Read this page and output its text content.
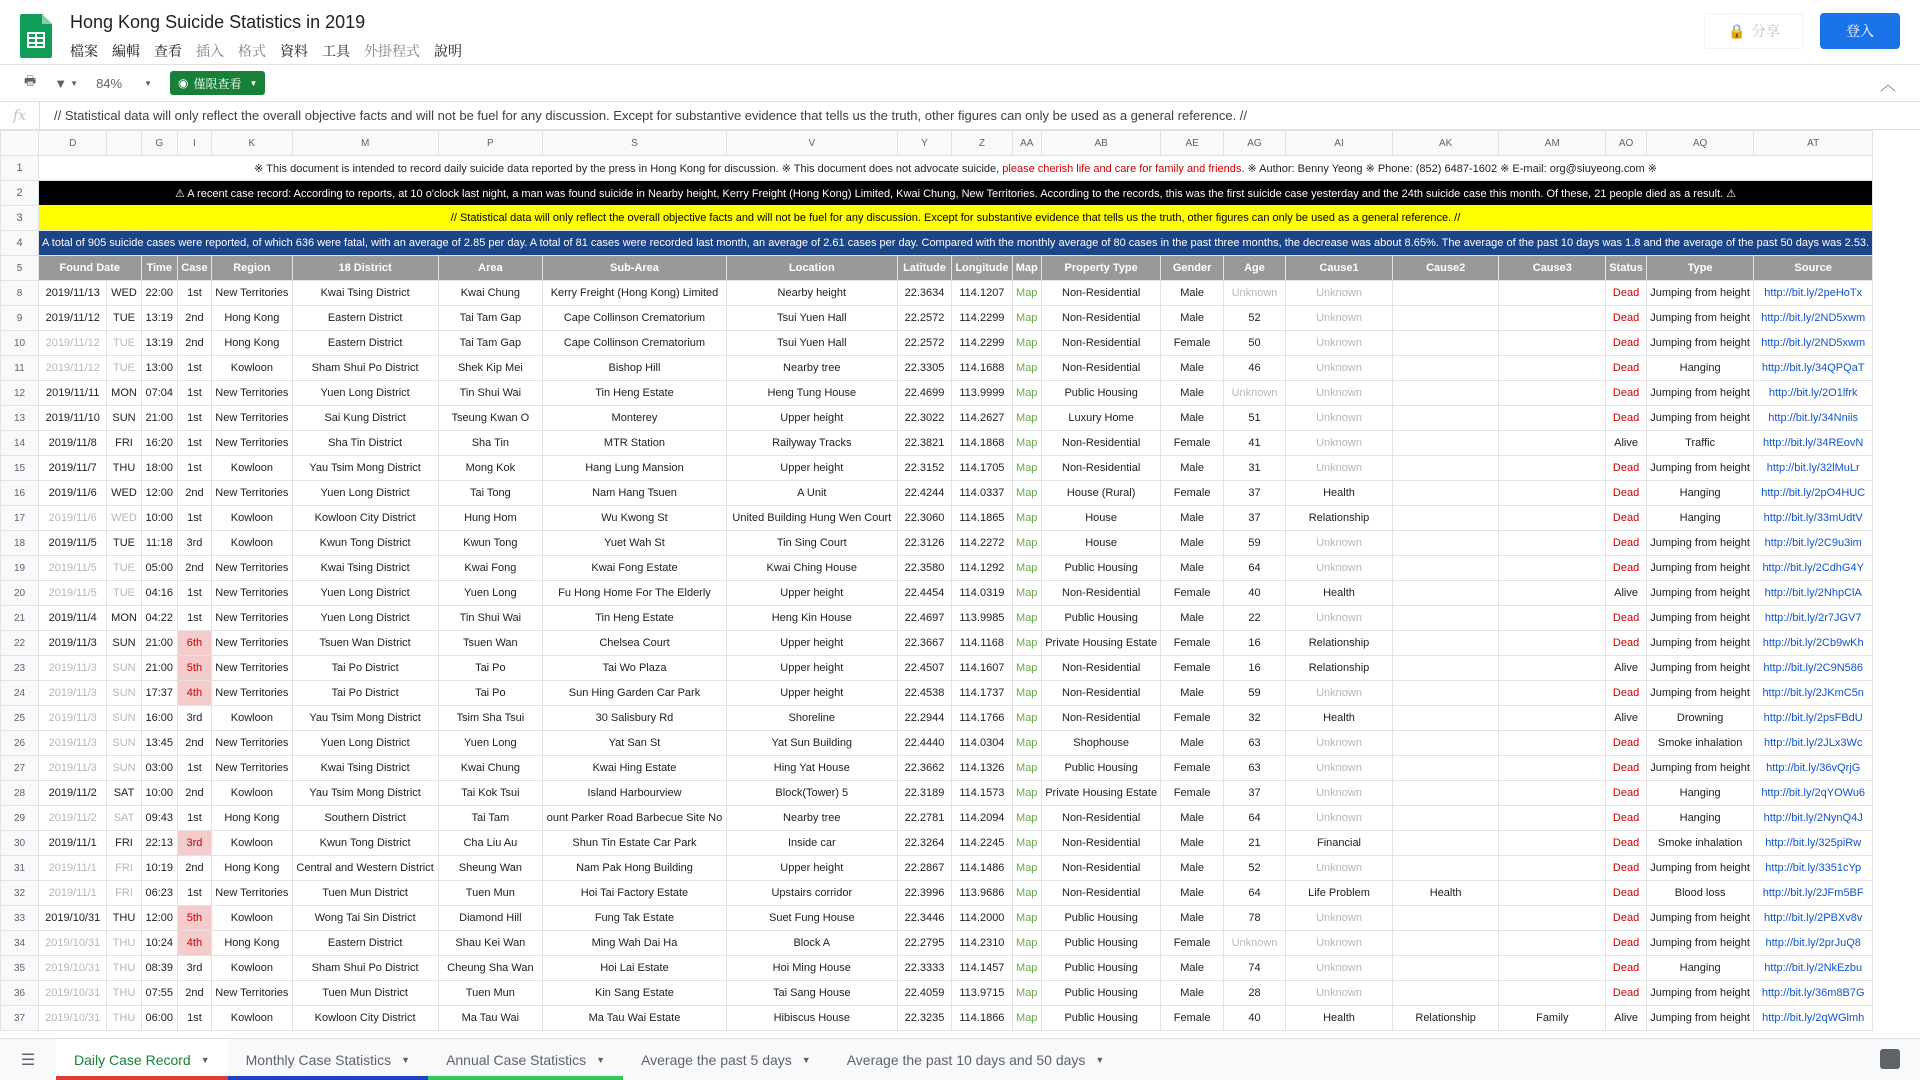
Hong Kong Suicide Statistics in 2019
檔案 編輯 查看 插入 格式 資料 工具 外掛程式 說明
🔒 分享	登入
🖶 ▼ ▼ 84%	▼ ◉ 僅限查看 ▼	︿
fx	// Statistical data will only reflect the overall objective facts and will not be fuel for any discussion. Except for substantive evidence that tells us the truth, other figures can only be used as a general reference. //
	D		G	I	K	M	P	S	V	Y	Z	AA	AB	AE	AG	AI	AK	AM	AO	AQ	AT
1	※ This document is intended to record daily suicide data reported by the press in Hong Kong for discussion. ※ This document does not advocate suicide, please cherish life and care for family and friends. ※ Author: Benny Yeong ※ Phone: (852) 6487-1602 ※ E-mail: org@siuyeong.com ※																				
2	⚠ A recent case record: According to reports, at 10 o'clock last night, a man was found suicide in Nearby height, Kerry Freight (Hong Kong) Limited, Kwai Chung, New Territories. According to the records, this was the first suicide case yesterday and the 24th suicide case this month. Of these, 21 people died as a result. ⚠																				
3	// Statistical data will only reflect the overall objective facts and will not be fuel for any discussion. Except for substantive evidence that tells us the truth, other figures can only be used as a general reference. //																				
4	A total of 905 suicide cases were reported, of which 636 were fatal, with an average of 2.85 per day. A total of 81 cases were recorded last month, an average of 2.61 cases per day. Compared with the monthly average of 80 cases in the past three months, the decrease was about 8.65%. The average of the past 10 days was 1.8 and the average of the past 50 days was 2.53.																				
5	Found Date		Time	Case	Region	18 District	Area	Sub-Area	Location	Latitude	Longitude	Map	Property Type	Gender	Age	Cause1	Cause2	Cause3	Status	Type	Source
8	2019/11/13	WED	22:00	1st	New Territories	Kwai Tsing District	Kwai Chung	Kerry Freight (Hong Kong) Limited	Nearby height	22.3634	114.1207	Map	Non-Residential	Male	Unknown	Unknown			Dead	Jumping from height	http://bit.ly/2peHoTx
9	2019/11/12	TUE	13:19	2nd	Hong Kong	Eastern District	Tai Tam Gap	Cape Collinson Crematorium	Tsui Yuen Hall	22.2572	114.2299	Map	Non-Residential	Male	52	Unknown			Dead	Jumping from height	http://bit.ly/2ND5xwm
10	2019/11/12	TUE	13:19	2nd	Hong Kong	Eastern District	Tai Tam Gap	Cape Collinson Crematorium	Tsui Yuen Hall	22.2572	114.2299	Map	Non-Residential	Female	50	Unknown			Dead	Jumping from height	http://bit.ly/2ND5xwm
11	2019/11/12	TUE	13:00	1st	Kowloon	Sham Shui Po District	Shek Kip Mei	Bishop Hill	Nearby tree	22.3305	114.1688	Map	Non-Residential	Male	46	Unknown			Dead	Hanging	http://bit.ly/34QPQaT
12	2019/11/11	MON	07:04	1st	New Territories	Yuen Long District	Tin Shui Wai	Tin Heng Estate	Heng Tung House	22.4699	113.9999	Map	Public Housing	Male	Unknown	Unknown			Dead	Jumping from height	http://bit.ly/2O1lfrk
13	2019/11/10	SUN	21:00	1st	New Territories	Sai Kung District	Tseung Kwan O	Monterey	Upper height	22.3022	114.2627	Map	Luxury Home	Male	51	Unknown			Dead	Jumping from height	http://bit.ly/34Nniis
14	2019/11/8	FRI	16:20	1st	New Territories	Sha Tin District	Sha Tin	MTR Station	Railyway Tracks	22.3821	114.1868	Map	Non-Residential	Female	41	Unknown			Alive	Traffic	http://bit.ly/34REovN
15	2019/11/7	THU	18:00	1st	Kowloon	Yau Tsim Mong District	Mong Kok	Hang Lung Mansion	Upper height	22.3152	114.1705	Map	Non-Residential	Male	31	Unknown			Dead	Jumping from height	http://bit.ly/32lMuLr
16	2019/11/6	WED	12:00	2nd	New Territories	Yuen Long District	Tai Tong	Nam Hang Tsuen	A Unit	22.4244	114.0337	Map	House (Rural)	Female	37	Health			Dead	Hanging	http://bit.ly/2pO4HUC
17	2019/11/6	WED	10:00	1st	Kowloon	Kowloon City District	Hung Hom	Wu Kwong St	United Building Hung Wen Court	22.3060	114.1865	Map	House	Male	37	Relationship			Dead	Hanging	http://bit.ly/33mUdtV
18	2019/11/5	TUE	11:18	3rd	Kowloon	Kwun Tong District	Kwun Tong	Yuet Wah St	Tin Sing Court	22.3126	114.2272	Map	House	Male	59	Unknown			Dead	Jumping from height	http://bit.ly/2C9u3im
19	2019/11/5	TUE	05:00	2nd	New Territories	Kwai Tsing District	Kwai Fong	Kwai Fong Estate	Kwai Ching House	22.3580	114.1292	Map	Public Housing	Male	64	Unknown			Dead	Jumping from height	http://bit.ly/2CdhG4Y
20	2019/11/5	TUE	04:16	1st	New Territories	Yuen Long District	Yuen Long	Fu Hong Home For The Elderly	Upper height	22.4454	114.0319	Map	Non-Residential	Female	40	Health			Alive	Jumping from height	http://bit.ly/2NhpClA
21	2019/11/4	MON	04:22	1st	New Territories	Yuen Long District	Tin Shui Wai	Tin Heng Estate	Heng Kin House	22.4697	113.9985	Map	Public Housing	Male	22	Unknown			Dead	Jumping from height	http://bit.ly/2r7JGV7
22	2019/11/3	SUN	21:00	6th	New Territories	Tsuen Wan District	Tsuen Wan	Chelsea Court	Upper height	22.3667	114.1168	Map	Private Housing Estate	Female	16	Relationship			Dead	Jumping from height	http://bit.ly/2Cb9wKh
23	2019/11/3	SUN	21:00	5th	New Territories	Tai Po District	Tai Po	Tai Wo Plaza	Upper height	22.4507	114.1607	Map	Non-Residential	Female	16	Relationship			Alive	Jumping from height	http://bit.ly/2C9N586
24	2019/11/3	SUN	17:37	4th	New Territories	Tai Po District	Tai Po	Sun Hing Garden Car Park	Upper height	22.4538	114.1737	Map	Non-Residential	Male	59	Unknown			Dead	Jumping from height	http://bit.ly/2JKmC5n
25	2019/11/3	SUN	16:00	3rd	Kowloon	Yau Tsim Mong District	Tsim Sha Tsui	30 Salisbury Rd	Shoreline	22.2944	114.1766	Map	Non-Residential	Female	32	Health			Alive	Drowning	http://bit.ly/2psFBdU
26	2019/11/3	SUN	13:45	2nd	New Territories	Yuen Long District	Yuen Long	Yat San St	Yat Sun Building	22.4440	114.0304	Map	Shophouse	Male	63	Unknown			Dead	Smoke inhalation	http://bit.ly/2JLx3Wc
27	2019/11/3	SUN	03:00	1st	New Territories	Kwai Tsing District	Kwai Chung	Kwai Hing Estate	Hing Yat House	22.3662	114.1326	Map	Public Housing	Female	63	Unknown			Dead	Jumping from height	http://bit.ly/36vQrjG
28	2019/11/2	SAT	10:00	2nd	Kowloon	Yau Tsim Mong District	Tai Kok Tsui	Island Harbourview	Block(Tower) 5	22.3189	114.1573	Map	Private Housing Estate	Female	37	Unknown			Dead	Hanging	http://bit.ly/2qYOWu6
29	2019/11/2	SAT	09:43	1st	Hong Kong	Southern District	Tai Tam	ount Parker Road Barbecue Site No	Nearby tree	22.2781	114.2094	Map	Non-Residential	Male	64	Unknown			Dead	Hanging	http://bit.ly/2NynQ4J
30	2019/11/1	FRI	22:13	3rd	Kowloon	Kwun Tong District	Cha Liu Au	Shun Tin Estate Car Park	Inside car	22.3264	114.2245	Map	Non-Residential	Male	21	Financial			Dead	Smoke inhalation	http://bit.ly/325piRw
31	2019/11/1	FRI	10:19	2nd	Hong Kong	Central and Western District	Sheung Wan	Nam Pak Hong Building	Upper height	22.2867	114.1486	Map	Non-Residential	Male	52	Unknown			Dead	Jumping from height	http://bit.ly/3351cYp
32	2019/11/1	FRI	06:23	1st	New Territories	Tuen Mun District	Tuen Mun	Hoi Tai Factory Estate	Upstairs corridor	22.3996	113.9686	Map	Non-Residential	Male	64	Life Problem	Health		Dead	Blood loss	http://bit.ly/2JFm5BF
33	2019/10/31	THU	12:00	5th	Kowloon	Wong Tai Sin District	Diamond Hill	Fung Tak Estate	Suet Fung House	22.3446	114.2000	Map	Public Housing	Male	78	Unknown			Dead	Jumping from height	http://bit.ly/2PBXv8v
34	2019/10/31	THU	10:24	4th	Hong Kong	Eastern District	Shau Kei Wan	Ming Wah Dai Ha	Block A	22.2795	114.2310	Map	Public Housing	Female	Unknown	Unknown			Dead	Jumping from height	http://bit.ly/2prJuQ8
35	2019/10/31	THU	08:39	3rd	Kowloon	Sham Shui Po District	Cheung Sha Wan	Hoi Lai Estate	Hoi Ming House	22.3333	114.1457	Map	Public Housing	Male	74	Unknown			Dead	Hanging	http://bit.ly/2NkEzbu
36	2019/10/31	THU	07:55	2nd	New Territories	Tuen Mun District	Tuen Mun	Kin Sang Estate	Tai Sang House	22.4059	113.9715	Map	Public Housing	Male	28	Unknown			Dead	Jumping from height	http://bit.ly/36m8B7G
37	2019/10/31	THU	06:00	1st	Kowloon	Kowloon City District	Ma Tau Wai	Ma Tau Wai Estate	Hibiscus House	22.3235	114.1866	Map	Public Housing	Female	40	Health	Relationship	Family	Alive	Jumping from height	http://bit.ly/2qWGlmh
☰	Daily Case Record ▼	Monthly Case Statistics ▼	Annual Case Statistics ▼	Average the past 5 days ▼	Average the past 10 days and 50 days ▼
